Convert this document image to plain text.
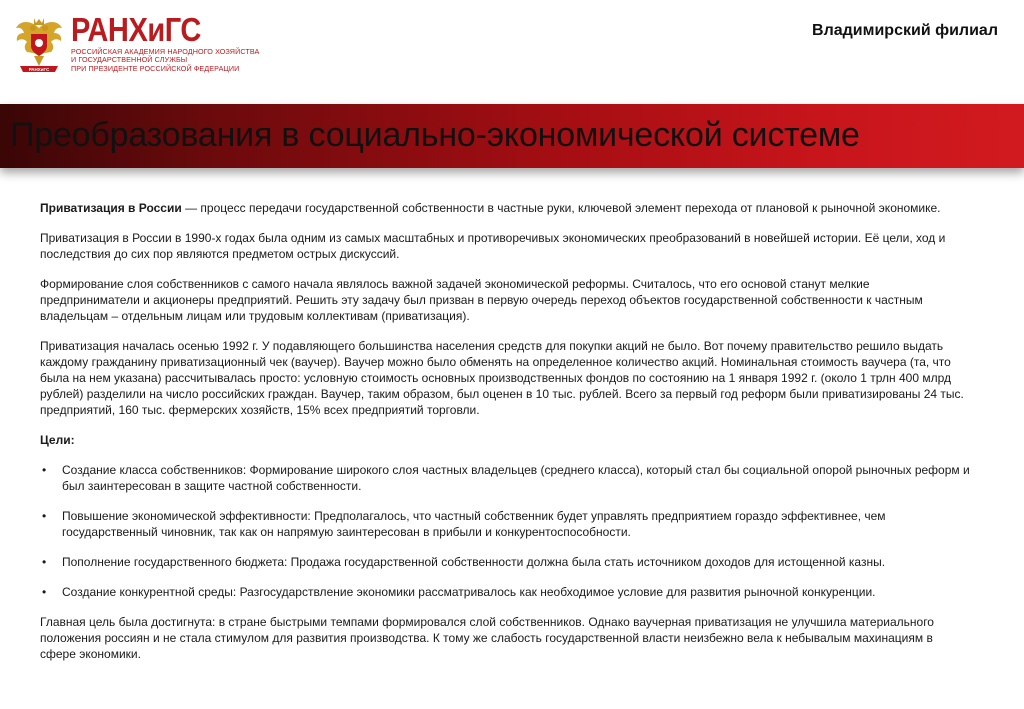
РАНХиГС
РАНХиГС
РОССИЙСКАЯ АКАДЕМИЯ НАРОДНОГО ХОЗЯЙСТВА
И ГОСУДАРСТВЕННОЙ СЛУЖБЫ
ПРИ ПРЕЗИДЕНТЕ РОССИЙСКОЙ ФЕДЕРАЦИИ
Владимирский филиал
Преобразования в социально-экономической системе

Приватизация в России — процесс передачи государственной собственности в частные руки, ключевой элемент перехода от плановой к рыночной экономике.

Приватизация в России в 1990-х годах была одним из самых масштабных и противоречивых экономических преобразований в новейшей истории. Её цели, ход и последствия до сих пор являются предметом острых дискуссий.

Формирование слоя собственников с самого начала являлось важной задачей экономической реформы. Считалось, что его основой станут мелкие предприниматели и акционеры предприятий. Решить эту задачу был призван в первую очередь переход объектов государственной собственности к частным владельцам – отдельным лицам или трудовым коллективам (приватизация).

Приватизация началась осенью 1992 г. У подавляющего большинства населения средств для покупки акций не было. Вот почему правительство решило выдать каждому гражданину приватизационный чек (ваучер). Ваучер можно было обменять на определенное количество акций. Номинальная стоимость ваучера (та, что была на нем указана) рассчитывалась просто: условную стоимость основных производственных фондов по состоянию на 1 января 1992 г. (около 1 трлн 400 млрд рублей) разделили на число российских граждан. Ваучер, таким образом, был оценен в 10 тыс. рублей. Всего за первый год реформ были приватизированы 24 тыс. предприятий, 160 тыс. фермерских хозяйств, 15% всех предприятий торговли.

Цели:

• Создание класса собственников: Формирование широкого слоя частных владельцев (среднего класса), который стал бы социальной опорой рыночных реформ и был заинтересован в защите частной собственности.
• Повышение экономической эффективности: Предполагалось, что частный собственник будет управлять предприятием гораздо эффективнее, чем государственный чиновник, так как он напрямую заинтересован в прибыли и конкурентоспособности.
• Пополнение государственного бюджета: Продажа государственной собственности должна была стать источником доходов для истощенной казны.
• Создание конкурентной среды: Разгосударствление экономики рассматривалось как необходимое условие для развития рыночной конкуренции.

Главная цель была достигнута: в стране быстрыми темпами формировался слой собственников. Однако ваучерная приватизация не улучшила материального положения россиян и не стала стимулом для развития производства. К тому же слабость государственной власти неизбежно вела к небывалым махинациям в сфере экономики.
